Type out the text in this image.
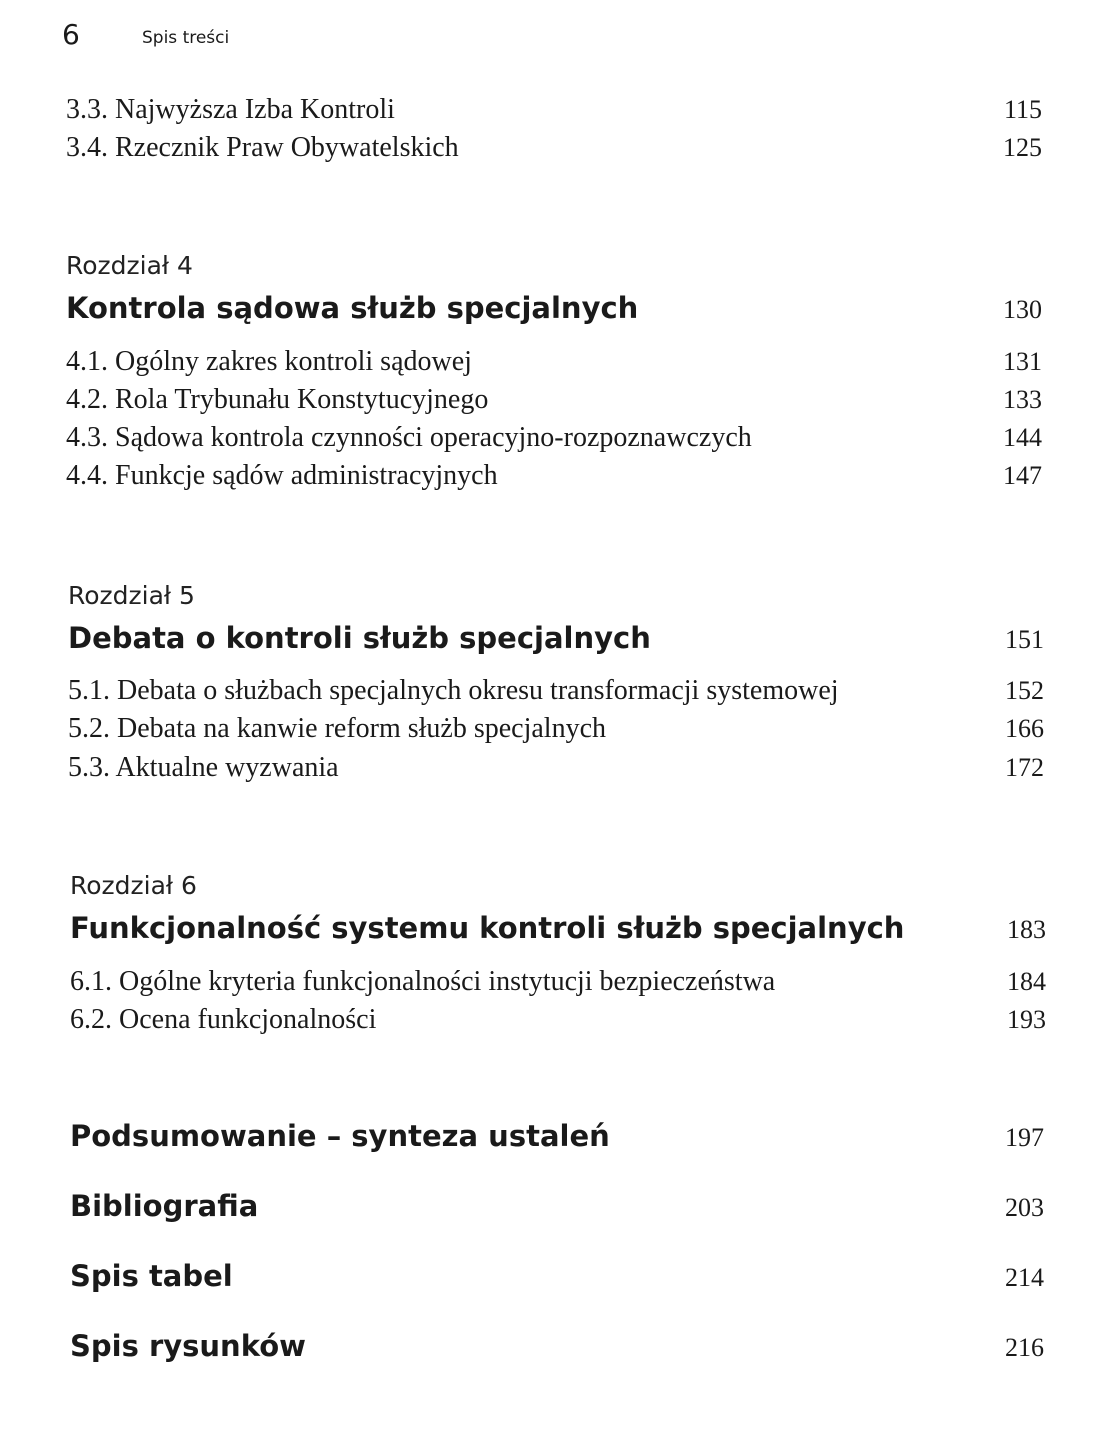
6	Spis treści
3.3. Najwyższa Izba Kontroli	115
3.4. Rzecznik Praw Obywatelskich	125
Rozdział 4
Kontrola sądowa służb specjalnych	130
4.1. Ogólny zakres kontroli sądowej	131
4.2. Rola Trybunału Konstytucyjnego	133
4.3. Sądowa kontrola czynności operacyjno-rozpoznawczych	144
4.4. Funkcje sądów administracyjnych	147
Rozdział 5
Debata o kontroli służb specjalnych	151
5.1. Debata o służbach specjalnych okresu transformacji systemowej	152
5.2. Debata na kanwie reform służb specjalnych	166
5.3. Aktualne wyzwania	172
Rozdział 6
Funkcjonalność systemu kontroli służb specjalnych	183
6.1. Ogólne kryteria funkcjonalności instytucji bezpieczeństwa	184
6.2. Ocena funkcjonalności	193
Podsumowanie – synteza ustaleń	197
Bibliografia	203
Spis tabel	214
Spis rysunków	216
